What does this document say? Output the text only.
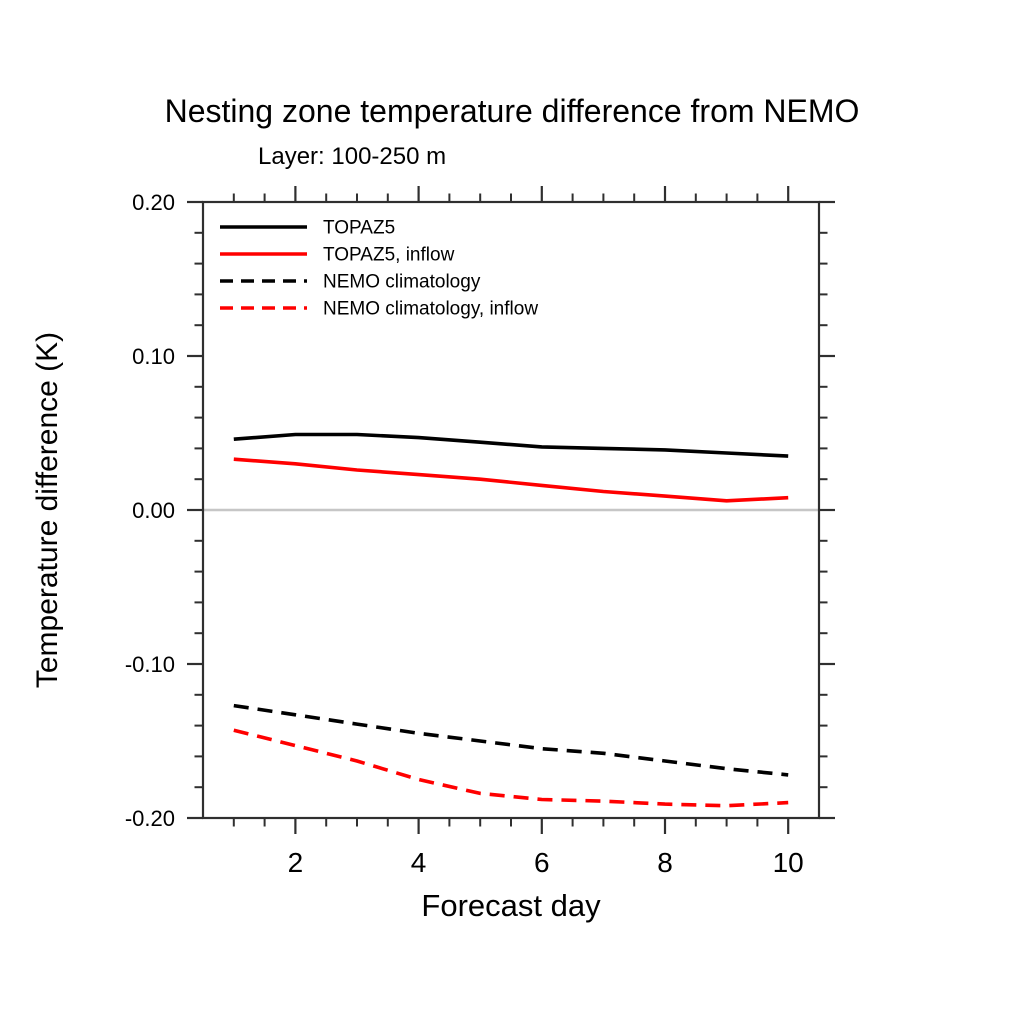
Nesting zone temperature difference from NEMO
Layer: 100-250 m
2	4	6	8	10
0.20
0.10
0.00
-0.10
-0.20
TOPAZ5
TOPAZ5, inflow
NEMO climatology
NEMO climatology, inflow
Forecast day
Temperature difference (K)
